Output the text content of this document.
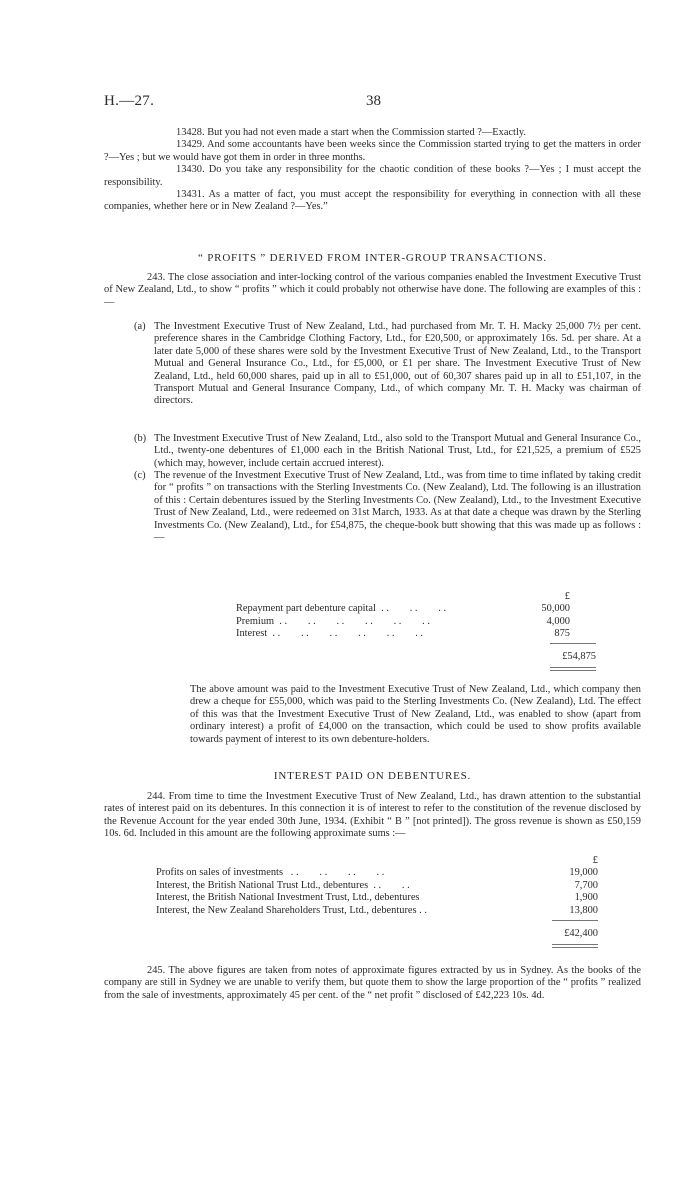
H.—27.	38
13428. But you had not even made a start when the Commission started ?—Exactly.
13429. And some accountants have been weeks since the Commission started trying to get the matters in order ?—Yes ; but we would have got them in order in three months.
13430. Do you take any responsibility for the chaotic condition of these books ?—Yes ; I must accept the responsibility.
13431. As a matter of fact, you must accept the responsibility for everything in connection with all these companies, whether here or in New Zealand ?—Yes.”
“ PROFITS ” DERIVED FROM INTER-GROUP TRANSACTIONS.
243. The close association and inter-locking control of the various companies enabled the Investment Executive Trust of New Zealand, Ltd., to show “ profits ” which it could probably not otherwise have done. The following are examples of this :—
(a) The Investment Executive Trust of New Zealand, Ltd., had purchased from Mr. T. H. Macky 25,000 7½ per cent. preference shares in the Cambridge Clothing Factory, Ltd., for £20,500, or approximately 16s. 5d. per share. At a later date 5,000 of these shares were sold by the Investment Executive Trust of New Zealand, Ltd., to the Transport Mutual and General Insurance Co., Ltd., for £5,000, or £1 per share. The Investment Executive Trust of New Zealand, Ltd., held 60,000 shares, paid up in all to £51,000, out of 60,307 shares paid up in all to £51,107, in the Transport Mutual and General Insurance Company, Ltd., of which company Mr. T. H. Macky was chairman of directors.
(b) The Investment Executive Trust of New Zealand, Ltd., also sold to the Transport Mutual and General Insurance Co., Ltd., twenty-one debentures of £1,000 each in the British National Trust, Ltd., for £21,525, a premium of £525 (which may, however, include certain accrued interest).
(c) The revenue of the Investment Executive Trust of New Zealand, Ltd., was from time to time inflated by taking credit for “ profits ” on transactions with the Sterling Investments Co. (New Zealand), Ltd. The following is an illustration of this : Certain debentures issued by the Sterling Investments Co. (New Zealand), Ltd., to the Investment Executive Trust of New Zealand, Ltd., were redeemed on 31st March, 1933. As at that date a cheque was drawn by the Sterling Investments Co. (New Zealand), Ltd., for £54,875, the cheque-book butt showing that this was made up as follows :—
£
Repayment part debenture capital  . .        . .        . .	50,000
Premium  . .        . .        . .        . .        . .        . .	4,000
Interest  . .        . .        . .        . .        . .        . .	875
£54,875
The above amount was paid to the Investment Executive Trust of New Zealand, Ltd., which company then drew a cheque for £55,000, which was paid to the Sterling Investments Co. (New Zealand), Ltd. The effect of this was that the Investment Executive Trust of New Zealand, Ltd., was enabled to show (apart from ordinary interest) a profit of £4,000 on the transaction, which could be used to show profits available towards payment of interest to its own debenture-holders.
INTEREST PAID ON DEBENTURES.
244. From time to time the Investment Executive Trust of New Zealand, Ltd., has drawn attention to the substantial rates of interest paid on its debentures. In this connection it is of interest to refer to the constitution of the revenue disclosed by the Revenue Account for the year ended 30th June, 1934. (Exhibit “ B ” [not printed]). The gross revenue is shown as £50,159 10s. 6d. Included in this amount are the following approximate sums :—
£
Profits on sales of investments   . .        . .        . .        . .	19,000
Interest, the British National Trust Ltd., debentures  . .        . .	7,700
Interest, the British National Investment Trust, Ltd., debentures	1,900
Interest, the New Zealand Shareholders Trust, Ltd., debentures . .	13,800
£42,400
245. The above figures are taken from notes of approximate figures extracted by us in Sydney. As the books of the company are still in Sydney we are unable to verify them, but quote them to show the large proportion of the “ profits ” realized from the sale of investments, approximately 45 per cent. of the “ net profit ” disclosed of £42,223 10s. 4d.
